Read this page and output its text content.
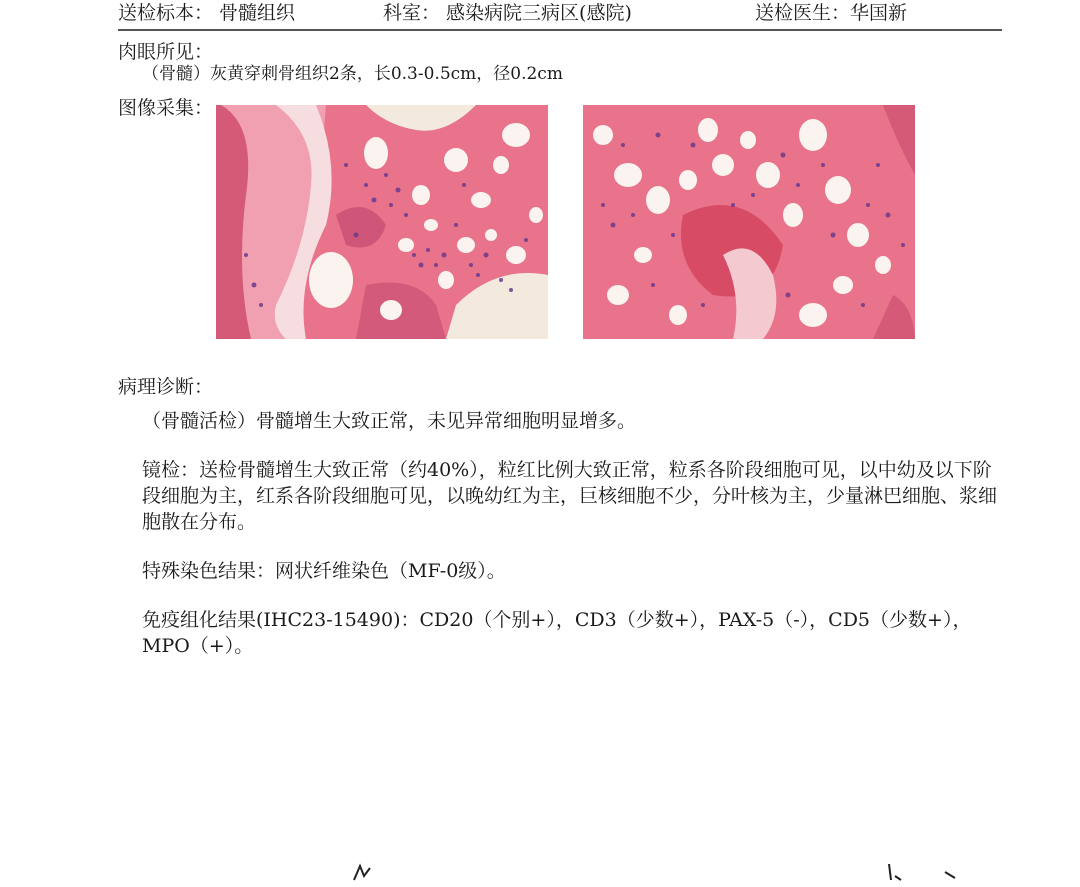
送检标本： 骨髓组织	科室： 感染病院三病区(感院)	送检医生：华国新
肉眼所见：
（骨髓）灰黄穿刺骨组织2条，长0.3-0.5cm，径0.2cm
图像采集：
病理诊断：
（骨髓活检）骨髓增生大致正常，未见异常细胞明显增多。
镜检：送检骨髓增生大致正常（约40%），粒红比例大致正常，粒系各阶段细胞可见，以中幼及以下阶段细胞为主，红系各阶段细胞可见，以晚幼红为主，巨核细胞不少，分叶核为主，少量淋巴细胞、浆细胞散在分布。
特殊染色结果：网状纤维染色（MF-0级）。
免疫组化结果(IHC23-15490)：CD20（个别+），CD3（少数+），PAX-5（-），CD5（少数+），MPO（+）。
